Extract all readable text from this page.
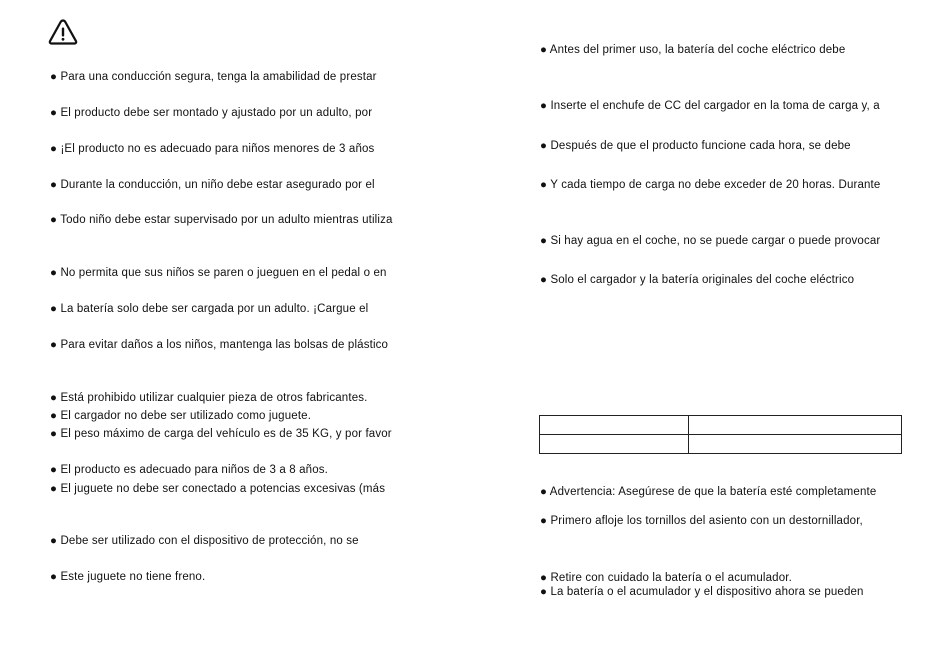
● Para una conducción segura, tenga la amabilidad de prestar
● El producto debe ser montado y ajustado por un adulto, por
● ¡El producto no es adecuado para niños menores de 3 años
● Durante la conducción, un niño debe estar asegurado por el
● Todo niño debe estar supervisado por un adulto mientras utiliza
● No permita que sus niños se paren o jueguen en el pedal o en
● La batería solo debe ser cargada por un adulto. ¡Cargue el
● Para evitar daños a los niños, mantenga las bolsas de plástico
● Está prohibido utilizar cualquier pieza de otros fabricantes.
● El cargador no debe ser utilizado como juguete.
● El peso máximo de carga del vehículo es de 35 KG, y por favor
● El producto es adecuado para niños de 3 a 8 años.
● El juguete no debe ser conectado a potencias excesivas (más
● Debe ser utilizado con el dispositivo de protección, no se
● Este juguete no tiene freno.
● Antes del primer uso, la batería del coche eléctrico debe
● Inserte el enchufe de CC del cargador en la toma de carga y, a
● Después de que el producto funcione cada hora, se debe
● Y cada tiempo de carga no debe exceder de 20 horas. Durante
● Si hay agua en el coche, no se puede cargar o puede provocar
● Solo el cargador y la batería originales del coche eléctrico
● Advertencia: Asegúrese de que la batería esté completamente
● Primero afloje los tornillos del asiento con un destornillador,
● Retire con cuidado la batería o el acumulador.
● La batería o el acumulador y el dispositivo ahora se pueden
